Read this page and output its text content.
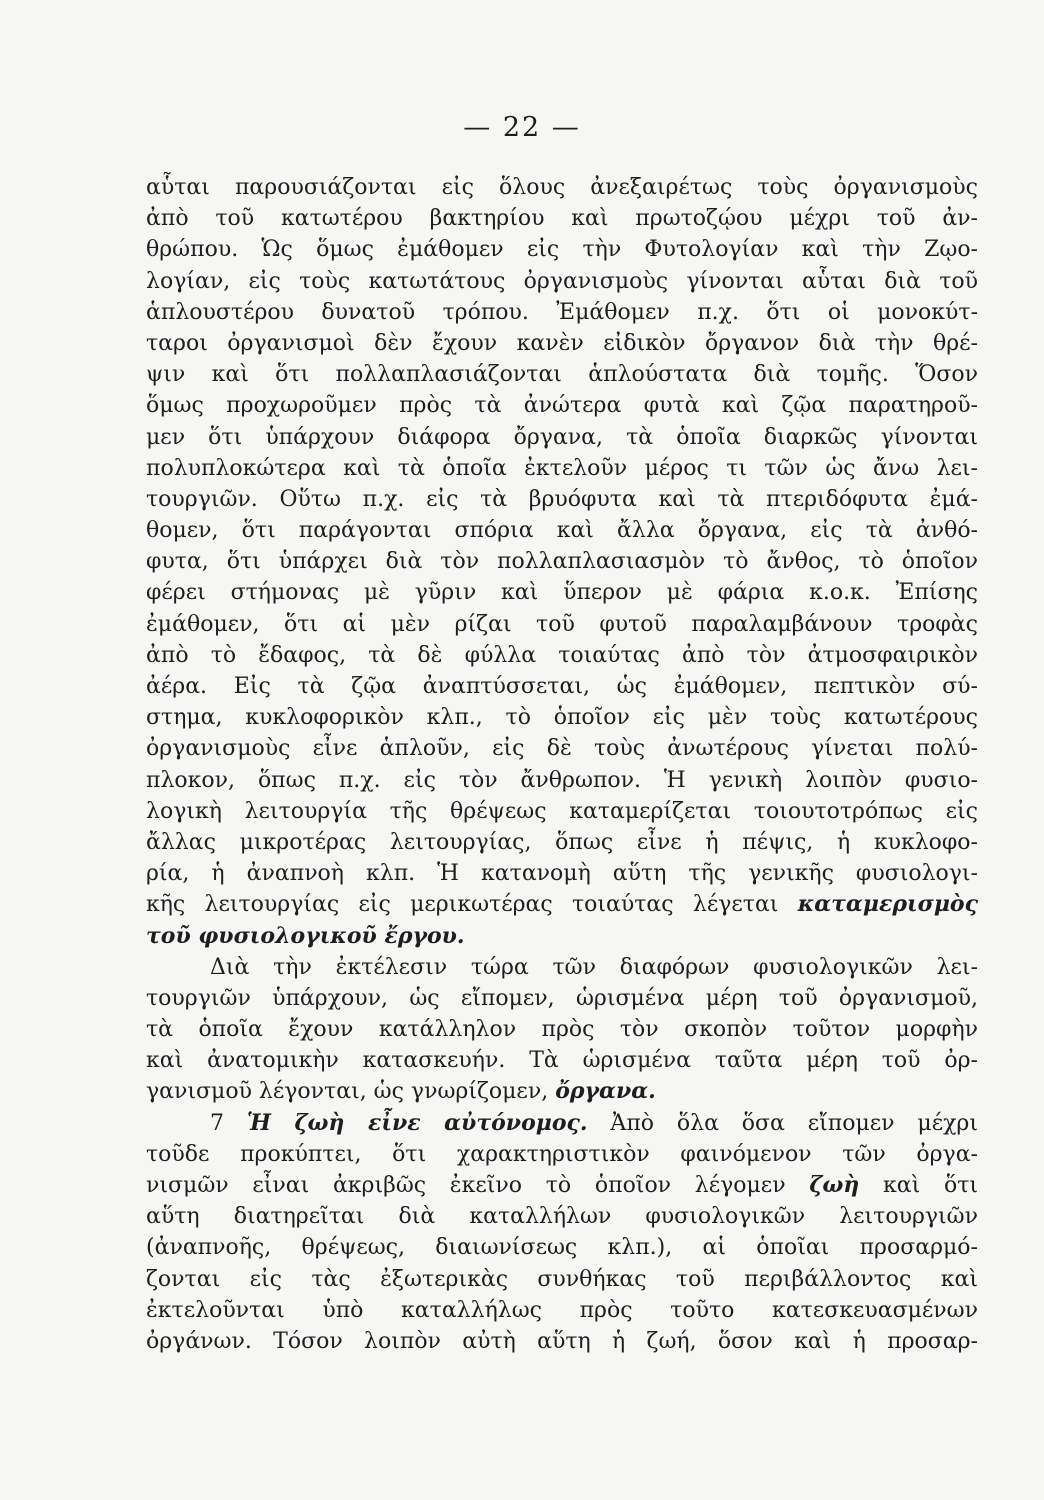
— 22 —
αὗται παρουσιάζονται εἰς ὅλους ἀνεξαιρέτως τοὺς ὀργανισμοὺς
ἀπὸ τοῦ κατωτέρου βακτηρίου καὶ πρωτοζῴου μέχρι τοῦ ἀν-
θρώπου. Ὡς ὅμως ἐμάθομεν εἰς τὴν Φυτολογίαν καὶ τὴν Ζῳο-
λογίαν, εἰς τοὺς κατωτάτους ὀργανισμοὺς γίνονται αὗται διὰ τοῦ
ἁπλουστέρου δυνατοῦ τρόπου. Ἐμάθομεν π.χ. ὅτι οἱ μονοκύτ-
ταροι ὀργανισμοὶ δὲν ἔχουν κανὲν εἰδικὸν ὄργανον διὰ τὴν θρέ-
ψιν καὶ ὅτι πολλαπλασιάζονται ἁπλούστατα διὰ τομῆς. Ὅσον
ὅμως προχωροῦμεν πρὸς τὰ ἀνώτερα φυτὰ καὶ ζῷα παρατηροῦ-
μεν ὅτι ὑπάρχουν διάφορα ὄργανα, τὰ ὁποῖα διαρκῶς γίνονται
πολυπλοκώτερα καὶ τὰ ὁποῖα ἐκτελοῦν μέρος τι τῶν ὡς ἄνω λει-
τουργιῶν. Οὕτω π.χ. εἰς τὰ βρυόφυτα καὶ τὰ πτεριδόφυτα ἐμά-
θομεν, ὅτι παράγονται σπόρια καὶ ἄλλα ὄργανα, εἰς τὰ ἀνθό-
φυτα, ὅτι ὑπάρχει διὰ τὸν πολλαπλασιασμὸν τὸ ἄνθος, τὸ ὁποῖον
φέρει στήμονας μὲ γῦριν καὶ ὕπερον μὲ φάρια κ.ο.κ. Ἐπίσης
ἐμάθομεν, ὅτι αἱ μὲν ρίζαι τοῦ φυτοῦ παραλαμβάνουν τροφὰς
ἀπὸ τὸ ἔδαφος, τὰ δὲ φύλλα τοιαύτας ἀπὸ τὸν ἀτμοσφαιρικὸν
ἀέρα. Εἰς τὰ ζῷα ἀναπτύσσεται, ὡς ἐμάθομεν, πεπτικὸν σύ-
στημα, κυκλοφορικὸν κλπ., τὸ ὁποῖον εἰς μὲν τοὺς κατωτέρους
ὀργανισμοὺς εἶνε ἁπλοῦν, εἰς δὲ τοὺς ἀνωτέρους γίνεται πολύ-
πλοκον, ὅπως π.χ. εἰς τὸν ἄνθρωπον. Ἡ γενικὴ λοιπὸν φυσιο-
λογικὴ λειτουργία τῆς θρέψεως καταμερίζεται τοιουτοτρόπως εἰς
ἄλλας μικροτέρας λειτουργίας, ὅπως εἶνε ἡ πέψις, ἡ κυκλοφο-
ρία, ἡ ἀναπνοὴ κλπ. Ἡ κατανομὴ αὕτη τῆς γενικῆς φυσιολογι-
κῆς λειτουργίας εἰς μερικωτέρας τοιαύτας λέγεται καταμερισμὸς
τοῦ φυσιολογικοῦ ἔργου.
Διὰ τὴν ἐκτέλεσιν τώρα τῶν διαφόρων φυσιολογικῶν λει-
τουργιῶν ὑπάρχουν, ὡς εἴπομεν, ὡρισμένα μέρη τοῦ ὀργανισμοῦ,
τὰ ὁποῖα ἔχουν κατάλληλον πρὸς τὸν σκοπὸν τοῦτον μορφὴν
καὶ ἀνατομικὴν κατασκευήν. Τὰ ὡρισμένα ταῦτα μέρη τοῦ ὀρ-
γανισμοῦ λέγονται, ὡς γνωρίζομεν, ὄργανα.
7 Ἡ ζωὴ εἶνε αὐτόνομος. Ἀπὸ ὅλα ὅσα εἴπομεν μέχρι
τοῦδε προκύπτει, ὅτι χαρακτηριστικὸν φαινόμενον τῶν ὀργα-
νισμῶν εἶναι ἀκριβῶς ἐκεῖνο τὸ ὁποῖον λέγομεν ζωὴ καὶ ὅτι
αὕτη διατηρεῖται διὰ καταλλήλων φυσιολογικῶν λειτουργιῶν
(ἀναπνοῆς, θρέψεως, διαιωνίσεως κλπ.), αἱ ὁποῖαι προσαρμό-
ζονται εἰς τὰς ἐξωτερικὰς συνθήκας τοῦ περιβάλλοντος καὶ
ἐκτελοῦνται ὑπὸ καταλλήλως πρὸς τοῦτο κατεσκευασμένων
ὀργάνων. Τόσον λοιπὸν αὐτὴ αὕτη ἡ ζωή, ὅσον καὶ ἡ προσαρ-
